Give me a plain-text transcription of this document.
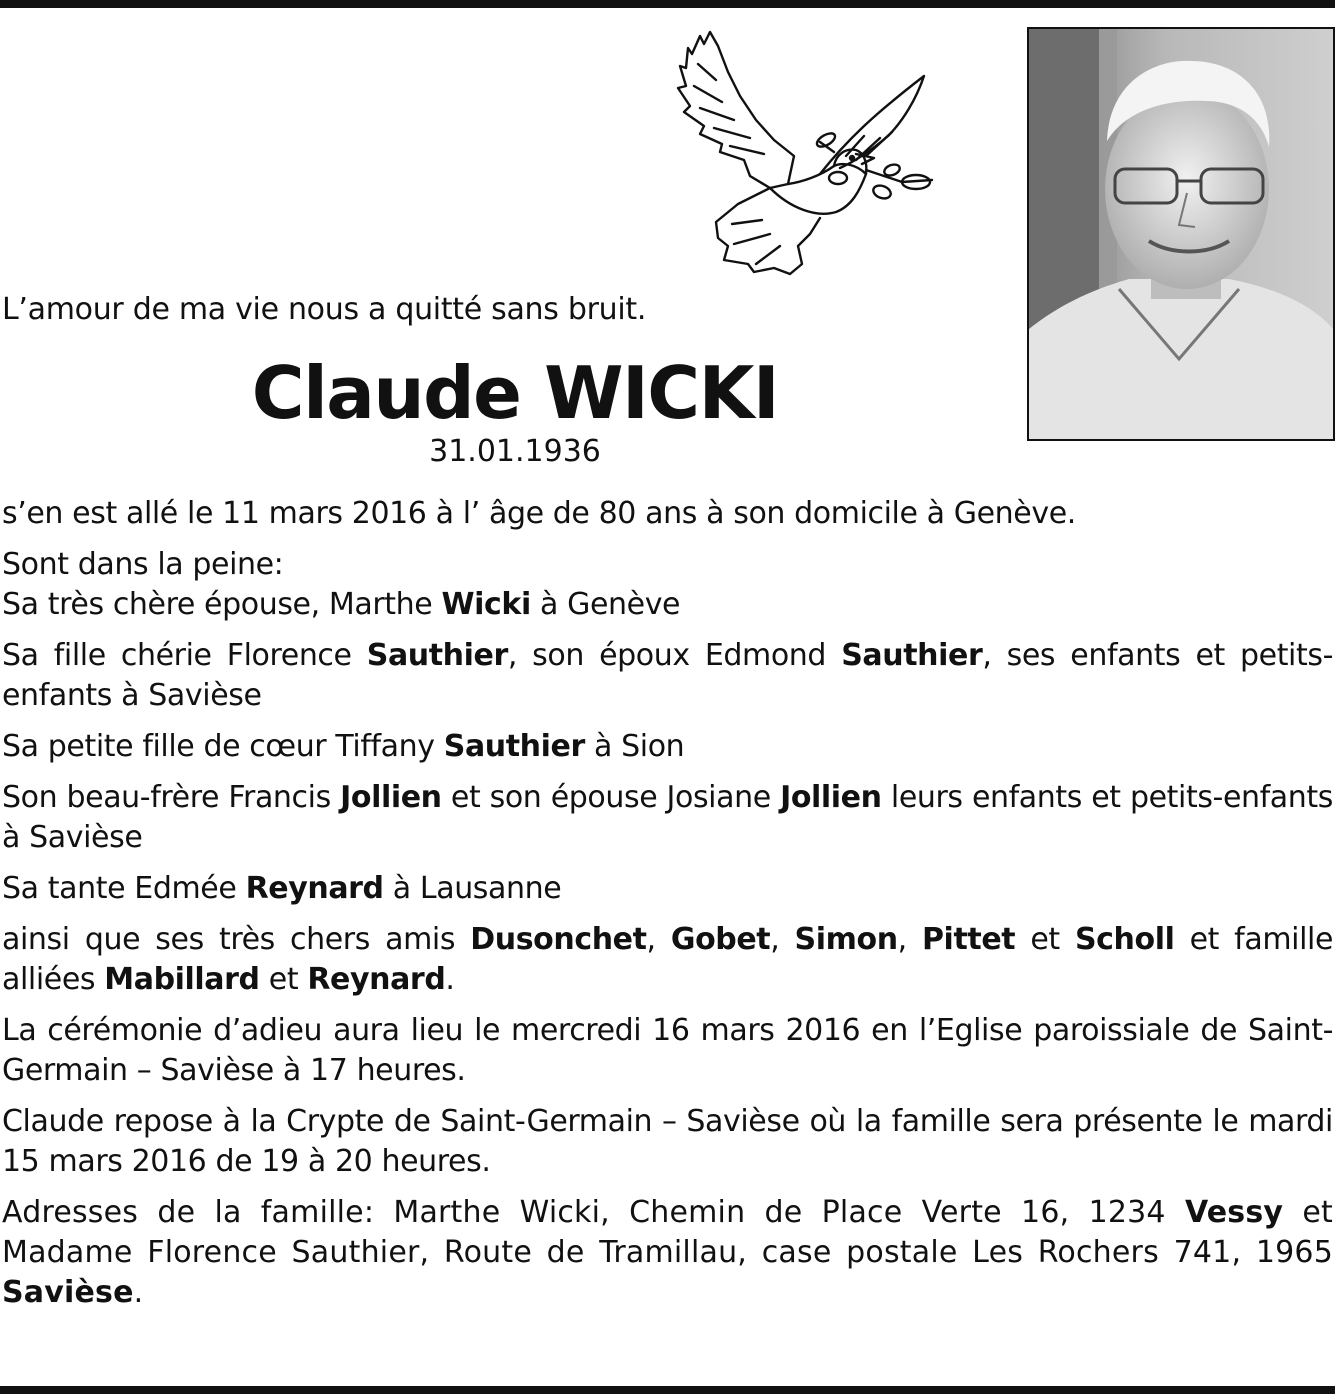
L’amour de ma vie nous a quitté sans bruit.
Claude WICKI
31.01.1936

s’en est allé le 11 mars 2016 à l’ âge de 80 ans à son domicile à Genève.

Sont dans la peine:

Sa très chère épouse, Marthe Wicki à Genève

Sa fille chérie Florence Sauthier, son époux Edmond Sauthier, ses enfants et petits-enfants à Savièse

Sa petite fille de cœur Tiffany Sauthier à Sion

Son beau-frère Francis Jollien et son épouse Josiane Jollien leurs enfants et petits-enfants à Savièse

Sa tante Edmée Reynard à Lausanne

ainsi que ses très chers amis Dusonchet, Gobet, Simon, Pittet et Scholl et famille alliées Mabillard et Reynard.

La cérémonie d’adieu aura lieu le mercredi 16 mars 2016 en l’Eglise paroissiale de Saint-Germain – Savièse à 17 heures.

Claude repose à la Crypte de Saint-Germain – Savièse où la famille sera présente le mardi 15 mars 2016 de 19 à 20 heures.

Adresses de la famille: Marthe Wicki, Chemin de Place Verte 16, 1234 Vessy et Madame Florence Sauthier, Route de Tramillau, case postale Les Rochers 741, 1965 Savièse.
